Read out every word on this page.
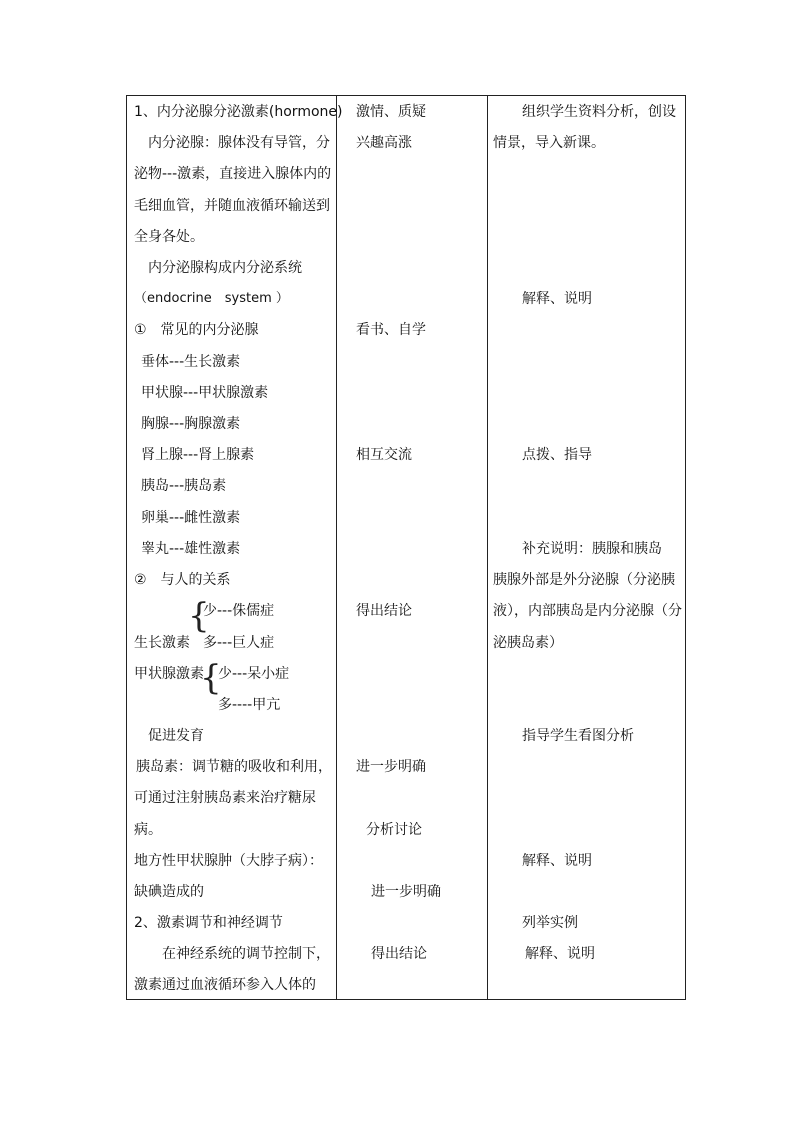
1、内分泌腺分泌激素(hormone)
内分泌腺：腺体没有导管，分
泌物---激素，直接进入腺体内的
毛细血管，并随血液循环输送到
全身各处。
内分泌腺构成内分泌系统
（endocrine　system ）
①　常见的内分泌腺
垂体---生长激素
甲状腺---甲状腺激素
胸腺---胸腺激素
肾上腺---肾上腺素
胰岛---胰岛素
卵巢---雌性激素
睾丸---雄性激素
②　与人的关系
{
少---侏儒症
生长激素 多---巨人症
甲状腺激素
{
少---呆小症
多----甲亢
促进发育
胰岛素：调节糖的吸收和利用，
可通过注射胰岛素来治疗糖尿
病。
地方性甲状腺肿（大脖子病）：
缺碘造成的
2、激素调节和神经调节
在神经系统的调节控制下，
激素通过血液循环参入人体的
激情、质疑
兴趣高涨
看书、自学
相互交流
得出结论
进一步明确
分析讨论
进一步明确
得出结论
组织学生资料分析，创设
情景，导入新课。
解释、说明
点拨、指导
补充说明：胰腺和胰岛
胰腺外部是外分泌腺（分泌胰
液），内部胰岛是内分泌腺（分
泌胰岛素）
指导学生看图分析
解释、说明
列举实例
解释、说明
